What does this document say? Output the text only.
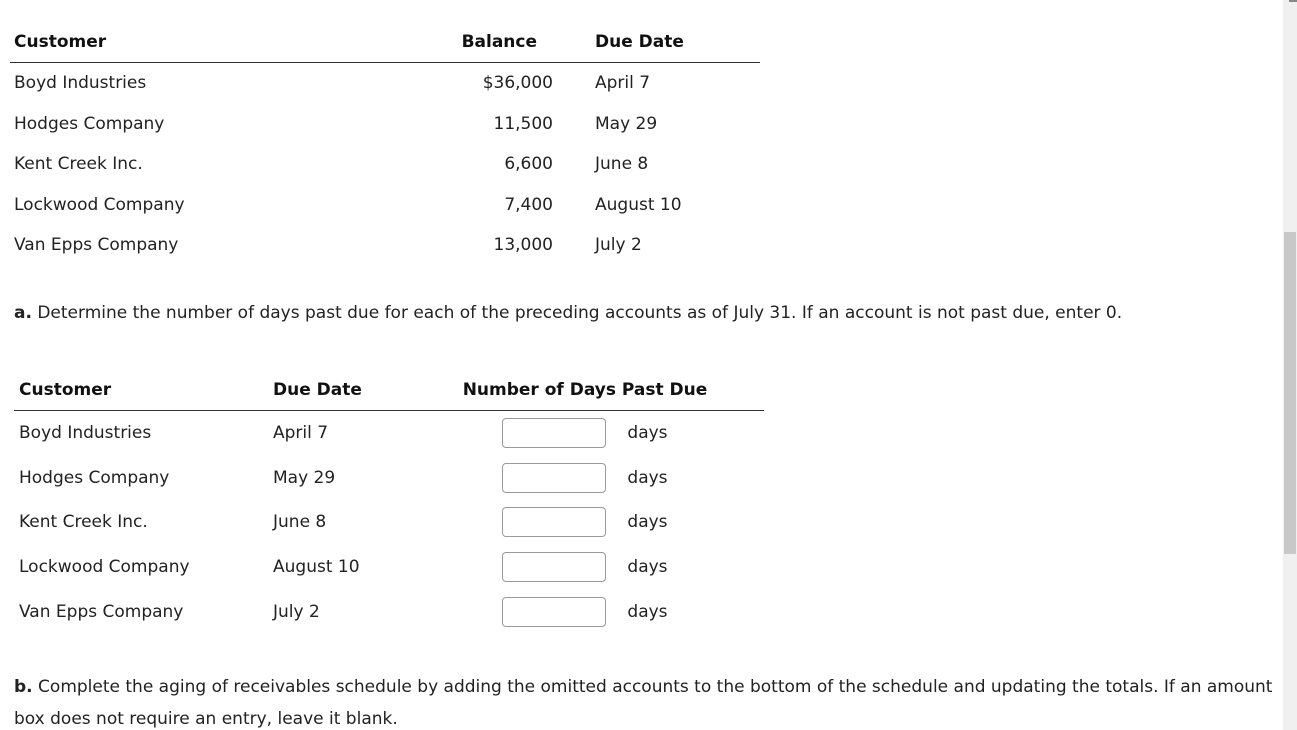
Customer	Balance	Due Date
Boyd Industries	$36,000	April 7
Hodges Company	11,500	May 29
Kent Creek Inc.	6,600	June 8
Lockwood Company	7,400	August 10
Van Epps Company	13,000	July 2
a. Determine the number of days past due for each of the preceding accounts as of July 31. If an account is not past due, enter 0.
Customer	Due Date	Number of Days Past Due
Boyd Industries	April 7	days
Hodges Company	May 29	days
Kent Creek Inc.	June 8	days
Lockwood Company	August 10	days
Van Epps Company	July 2	days
b. Complete the aging of receivables schedule by adding the omitted accounts to the bottom of the schedule and updating the totals. If an amount box does not require an entry, leave it blank.
